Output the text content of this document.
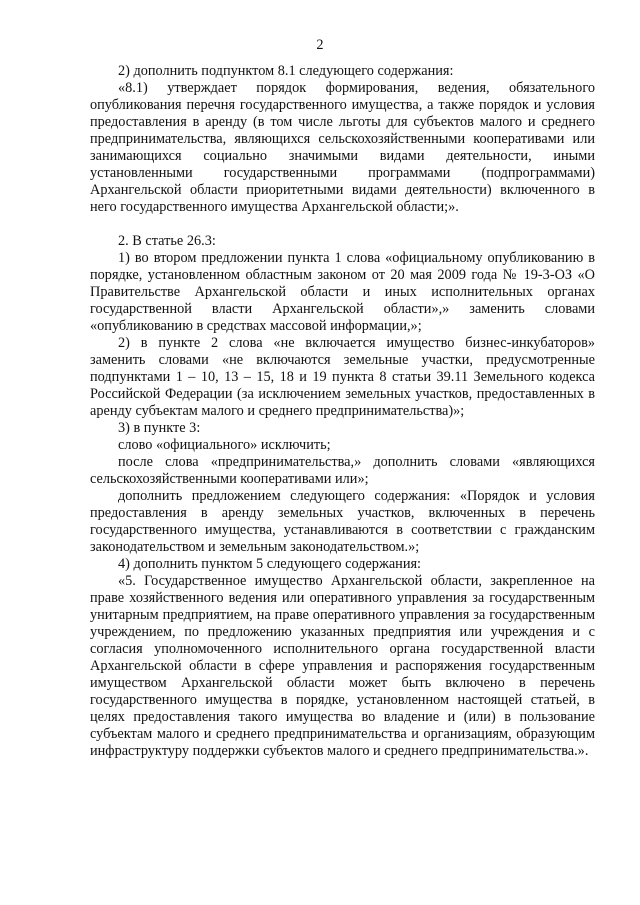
2

2) дополнить подпунктом 8.1 следующего содержания:

«8.1) утверждает порядок формирования, ведения, обязательного опубликования перечня государственного имущества, а также порядок и условия предоставления в аренду (в том числе льготы для субъектов малого и среднего предпринимательства, являющихся сельскохозяйственными кооперативами или занимающихся социально значимыми видами деятельности, иными установленными государственными программами (подпрограммами) Архангельской области приоритетными видами деятельности) включенного в него государственного имущества Архангельской области;».

2. В статье 26.3:

1) во втором предложении пункта 1 слова «официальному опубликованию в порядке, установленном областным законом от 20 мая 2009 года № 19-3-ОЗ «О Правительстве Архангельской области и иных исполнительных органах государственной власти Архангельской области»,» заменить словами «опубликованию в средствах массовой информации,»;

2) в пункте 2 слова «не включается имущество бизнес-инкубаторов» заменить словами «не включаются земельные участки, предусмотренные подпунктами 1 – 10, 13 – 15, 18 и 19 пункта 8 статьи 39.11 Земельного кодекса Российской Федерации (за исключением земельных участков, предоставленных в аренду субъектам малого и среднего предпринимательства)»;

3) в пункте 3:

слово «официального» исключить;

после слова «предпринимательства,» дополнить словами «являющихся сельскохозяйственными кооперативами или»;

дополнить предложением следующего содержания: «Порядок и условия предоставления в аренду земельных участков, включенных в перечень государственного имущества, устанавливаются в соответствии с гражданским законодательством и земельным законодательством.»;

4) дополнить пунктом 5 следующего содержания:

«5. Государственное имущество Архангельской области, закрепленное на праве хозяйственного ведения или оперативного управления за государственным унитарным предприятием, на праве оперативного управления за государственным учреждением, по предложению указанных предприятия или учреждения и с согласия уполномоченного исполнительного органа государственной власти Архангельской области в сфере управления и распоряжения государственным имуществом Архангельской области может быть включено в перечень государственного имущества в порядке, установленном настоящей статьей, в целях предоставления такого имущества во владение и (или) в пользование субъектам малого и среднего предпринимательства и организациям, образующим инфраструктуру поддержки субъектов малого и среднего предпринимательства.».
